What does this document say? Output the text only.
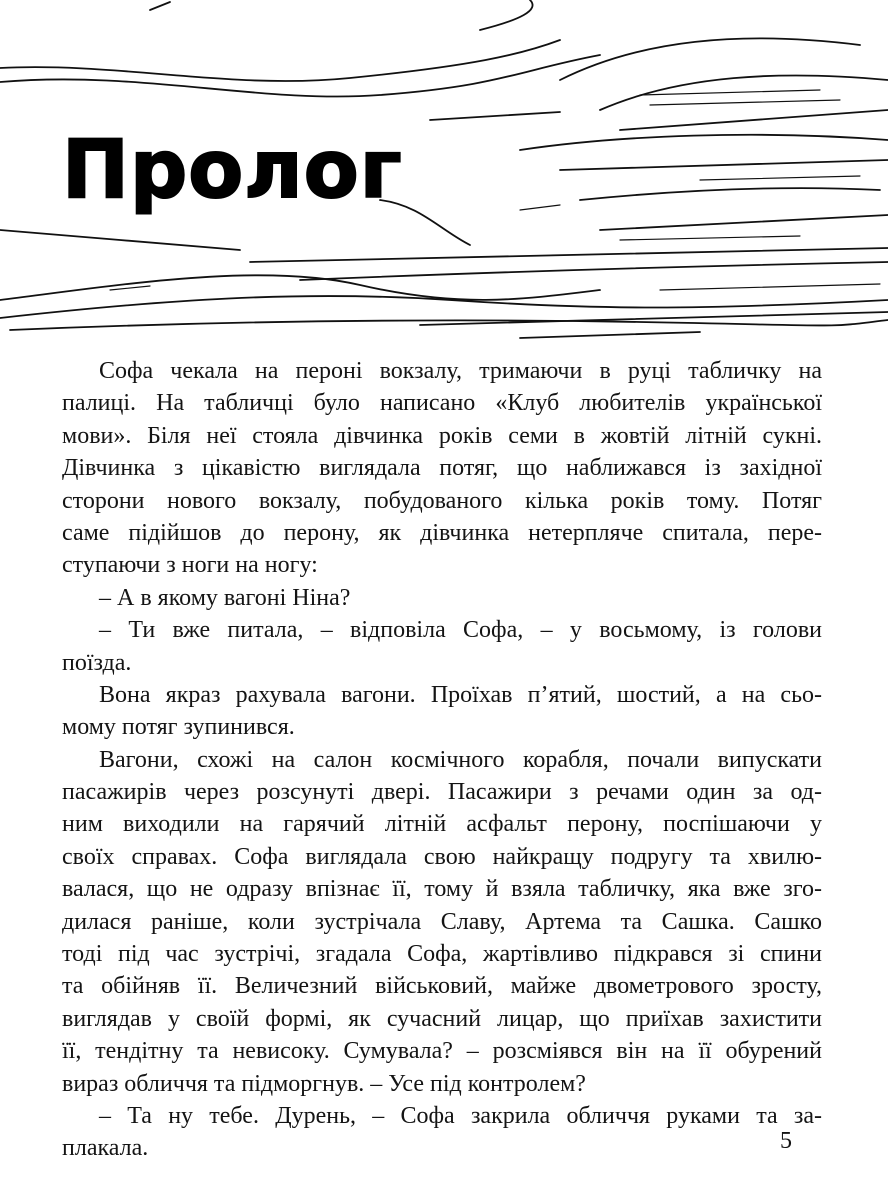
Пролог
Софа чекала на пероні вокзалу, тримаючи в руці табличку на
палиці. На табличці було написано «Клуб любителів української
мови». Біля неї стояла дівчинка років семи в жовтій літній сукні.
Дівчинка з цікавістю виглядала потяг, що наближався із західної
сторони нового вокзалу, побудованого кілька років тому. Потяг
саме підійшов до перону, як дівчинка нетерпляче спитала, пере-
ступаючи з ноги на ногу:
– А в якому вагоні Ніна?
– Ти вже питала, – відповіла Софа, – у восьмому, із голови
поїзда.
Вона якраз рахувала вагони. Проїхав п’ятий, шостий, а на сьо-
мому потяг зупинився.
Вагони, схожі на салон космічного корабля, почали випускати
пасажирів через розсунуті двері. Пасажири з речами один за од-
ним виходили на гарячий літній асфальт перону, поспішаючи у
своїх справах. Софа виглядала свою найкращу подругу та хвилю-
валася, що не одразу впізнає її, тому й взяла табличку, яка вже зго-
дилася раніше, коли зустрічала Славу, Артема та Сашка. Сашко
тоді під час зустрічі, згадала Софа, жартівливо підкрався зі спини
та обійняв її. Величезний військовий, майже двометрового зросту,
виглядав у своїй формі, як сучасний лицар, що приїхав захистити
її, тендітну та невисоку. Сумувала? – розсміявся він на її обурений
вираз обличчя та підморгнув. – Усе під контролем?
– Та ну тебе. Дурень, – Софа закрила обличчя руками та за-
плакала.	5
